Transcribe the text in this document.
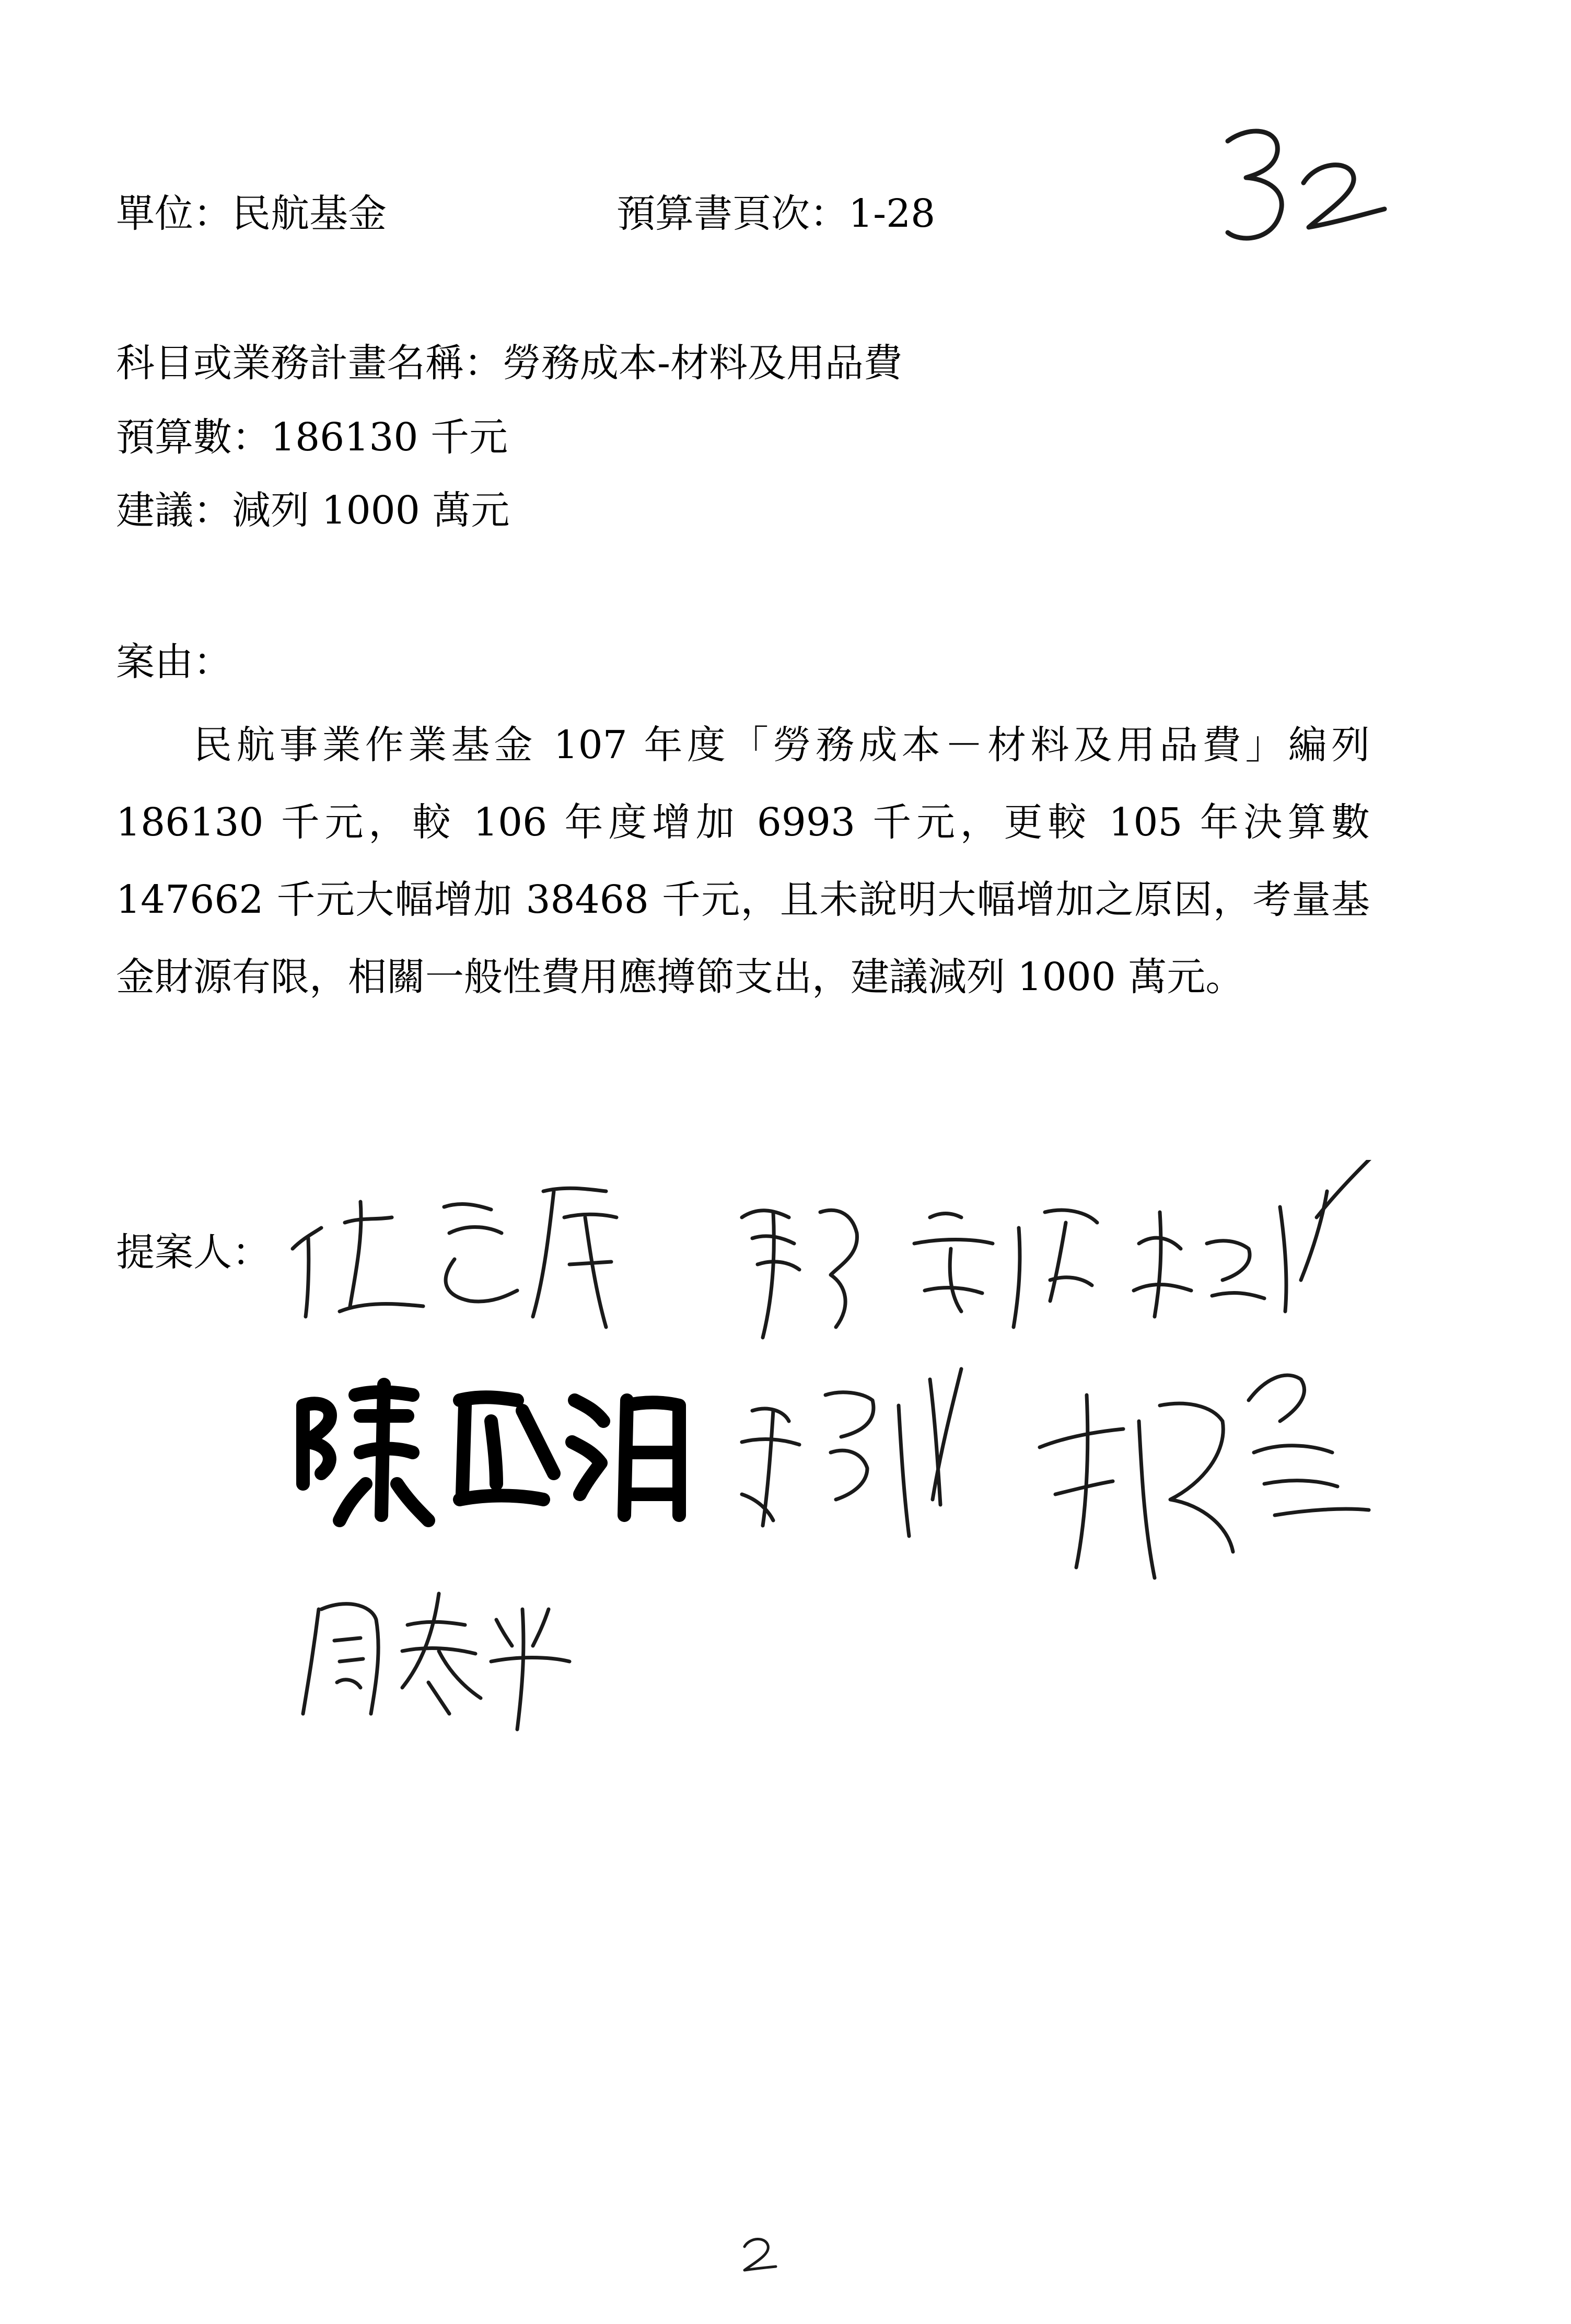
單位：民航基金	預算書頁次：1-28
科目或業務計畫名稱：勞務成本-材料及用品費
預算數：186130 千元
建議：減列 1000 萬元
案由：
民航事業作業基金 107 年度「勞務成本－材料及用品費」編列 186130 千元，較 106 年度增加 6993 千元，更較 105 年決算數 147662 千元大幅增加 38468 千元，且未說明大幅增加之原因，考量基金財源有限，相關一般性費用應撙節支出，建議減列 1000 萬元。
提案人：
